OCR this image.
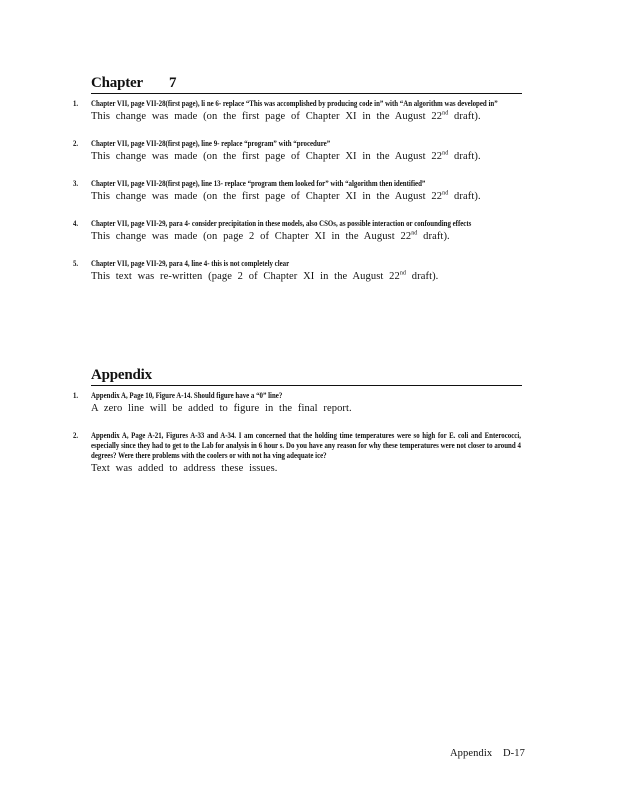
Chapter 7
1. Chapter VII, page VII-28(first page), li ne 6- replace “This was accomplished by producing code in” with “An algorithm was developed in”
This change was made (on the first page of Chapter XI in the August 22nd draft).
2. Chapter VII, page VII-28(first page), line 9- replace “program” with “procedure”
This change was made (on the first page of Chapter XI in the August 22nd draft).
3. Chapter VII, page VII-28(first page), line 13- replace “program them looked for” with “algorithm then identified”
This change was made (on the first page of Chapter XI in the August 22nd draft).
4. Chapter VII, page VII-29, para 4- consider precipitation in these models, also CSOs, as possible interaction or confounding effects
This change was made (on page 2 of Chapter XI in the August 22nd draft).
5. Chapter VII, page VII-29, para 4, line 4- this is not completely clear
This text was re-written (page 2 of Chapter XI in the August 22nd draft).
Appendix
1. Appendix A, Page 10, Figure A-14. Should figure have a “0” line?
A zero line will be added to figure in the final report.
2. Appendix A, Page A-21, Figures A-33 and A-34. I am concerned that the holding time temperatures were so high for E. coli and Enterococci, especially since they had to get to the Lab for analysis in 6 hour s. Do you have any reason for why these temperatures were not closer to around 4 degrees? Were there problems with the coolers or with not ha ving adequate ice?
Text was added to address these issues.
Appendix D-17
